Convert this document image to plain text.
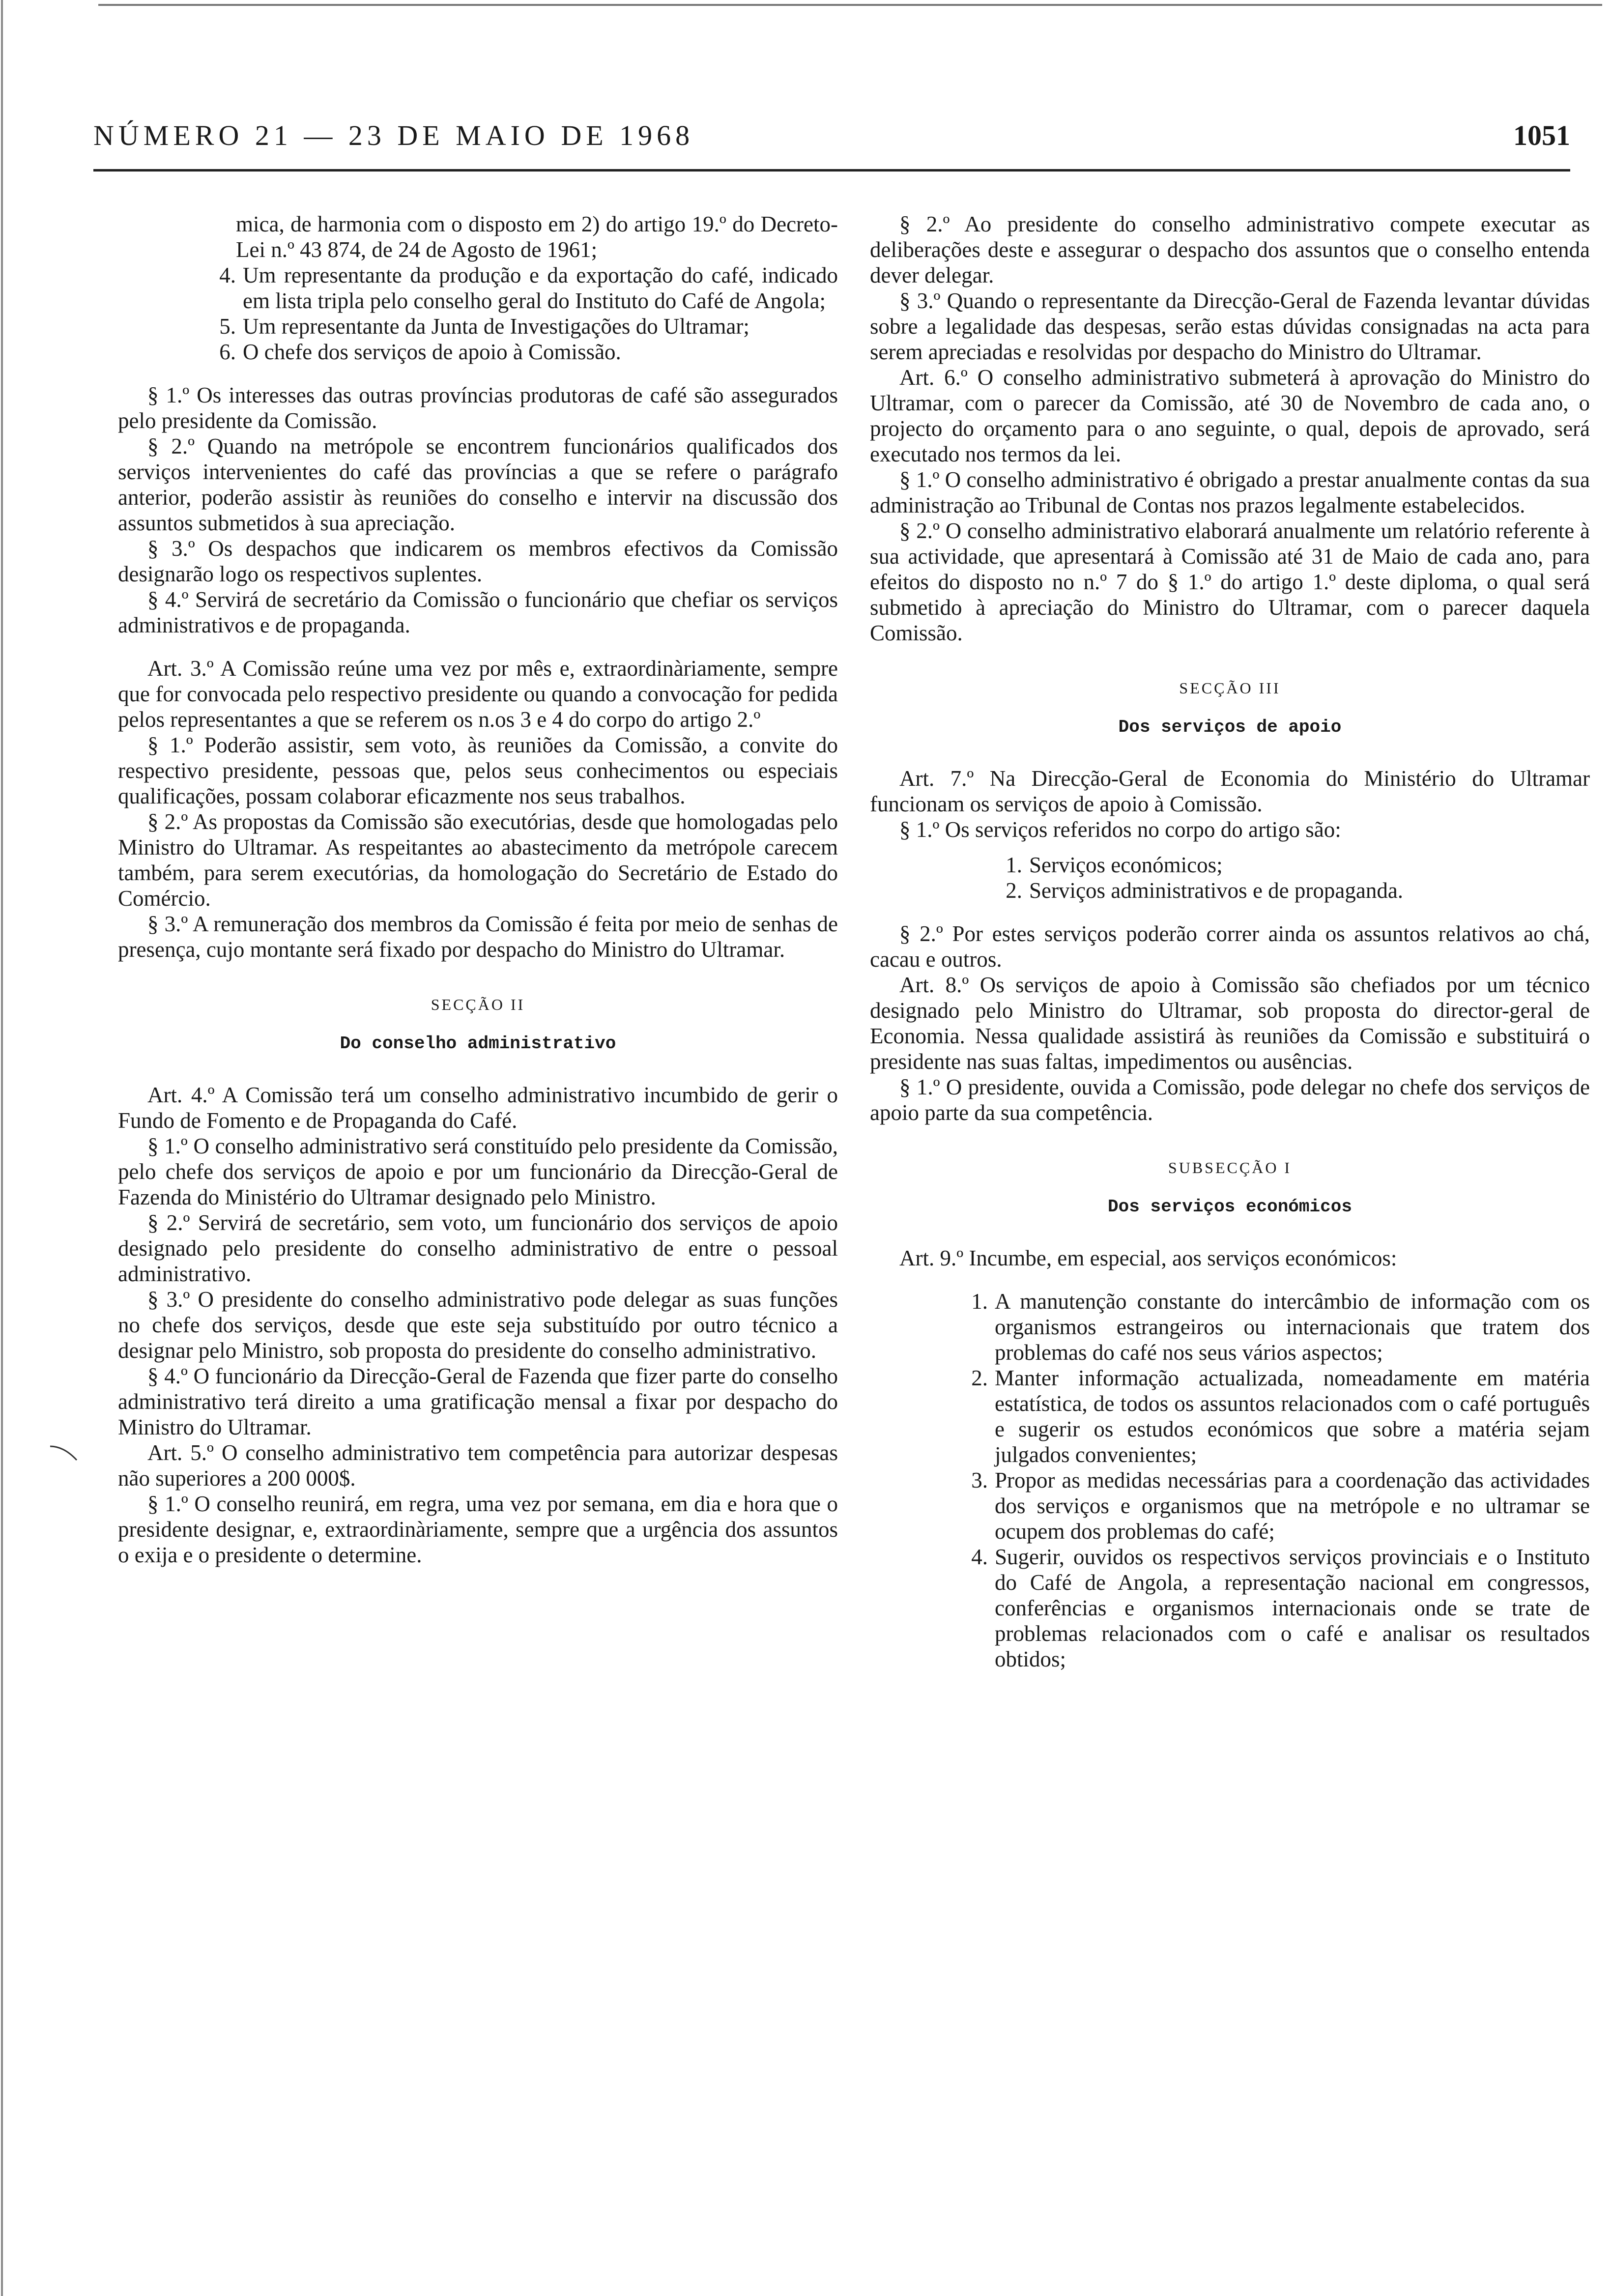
NÚMERO 21 — 23 DE MAIO DE 1968	1051

mica, de harmonia com o disposto em 2) do artigo 19.º do Decreto-Lei n.º 43 874, de 24 de Agosto de 1961;

4. Um representante da produção e da exportação do café, indicado em lista tripla pelo conselho geral do Instituto do Café de Angola;
5. Um representante da Junta de Investigações do Ultramar;
6. O chefe dos serviços de apoio à Comissão.

§ 1.º Os interesses das outras províncias produtoras de café são assegurados pelo presidente da Comissão.

§ 2.º Quando na metrópole se encontrem funcionários qualificados dos serviços intervenientes do café das províncias a que se refere o parágrafo anterior, poderão assistir às reuniões do conselho e intervir na discussão dos assuntos submetidos à sua apreciação.

§ 3.º Os despachos que indicarem os membros efectivos da Comissão designarão logo os respectivos suplentes.

§ 4.º Servirá de secretário da Comissão o funcionário que chefiar os serviços administrativos e de propaganda.

Art. 3.º A Comissão reúne uma vez por mês e, extraordinàriamente, sempre que for convocada pelo respectivo presidente ou quando a convocação for pedida pelos representantes a que se referem os n.os 3 e 4 do corpo do artigo 2.º

§ 1.º Poderão assistir, sem voto, às reuniões da Comissão, a convite do respectivo presidente, pessoas que, pelos seus conhecimentos ou especiais qualificações, possam colaborar eficazmente nos seus trabalhos.

§ 2.º As propostas da Comissão são executórias, desde que homologadas pelo Ministro do Ultramar. As respeitantes ao abastecimento da metrópole carecem também, para serem executórias, da homologação do Secretário de Estado do Comércio.

§ 3.º A remuneração dos membros da Comissão é feita por meio de senhas de presença, cujo montante será fixado por despacho do Ministro do Ultramar.

SECÇÃO II
Do conselho administrativo

Art. 4.º A Comissão terá um conselho administrativo incumbido de gerir o Fundo de Fomento e de Propaganda do Café.

§ 1.º O conselho administrativo será constituído pelo presidente da Comissão, pelo chefe dos serviços de apoio e por um funcionário da Direcção-Geral de Fazenda do Ministério do Ultramar designado pelo Ministro.

§ 2.º Servirá de secretário, sem voto, um funcionário dos serviços de apoio designado pelo presidente do conselho administrativo de entre o pessoal administrativo.

§ 3.º O presidente do conselho administrativo pode delegar as suas funções no chefe dos serviços, desde que este seja substituído por outro técnico a designar pelo Ministro, sob proposta do presidente do conselho administrativo.

§ 4.º O funcionário da Direcção-Geral de Fazenda que fizer parte do conselho administrativo terá direito a uma gratificação mensal a fixar por despacho do Ministro do Ultramar.

Art. 5.º O conselho administrativo tem competência para autorizar despesas não superiores a 200 000$.

§ 1.º O conselho reunirá, em regra, uma vez por semana, em dia e hora que o presidente designar, e, extraordinàriamente, sempre que a urgência dos assuntos o exija e o presidente o determine.

§ 2.º Ao presidente do conselho administrativo compete executar as deliberações deste e assegurar o despacho dos assuntos que o conselho entenda dever delegar.

§ 3.º Quando o representante da Direcção-Geral de Fazenda levantar dúvidas sobre a legalidade das despesas, serão estas dúvidas consignadas na acta para serem apreciadas e resolvidas por despacho do Ministro do Ultramar.

Art. 6.º O conselho administrativo submeterá à aprovação do Ministro do Ultramar, com o parecer da Comissão, até 30 de Novembro de cada ano, o projecto do orçamento para o ano seguinte, o qual, depois de aprovado, será executado nos termos da lei.

§ 1.º O conselho administrativo é obrigado a prestar anualmente contas da sua administração ao Tribunal de Contas nos prazos legalmente estabelecidos.

§ 2.º O conselho administrativo elaborará anualmente um relatório referente à sua actividade, que apresentará à Comissão até 31 de Maio de cada ano, para efeitos do disposto no n.º 7 do § 1.º do artigo 1.º deste diploma, o qual será submetido à apreciação do Ministro do Ultramar, com o parecer daquela Comissão.

SECÇÃO III
Dos serviços de apoio

Art. 7.º Na Direcção-Geral de Economia do Ministério do Ultramar funcionam os serviços de apoio à Comissão.

§ 1.º Os serviços referidos no corpo do artigo são:

1. Serviços económicos;
2. Serviços administrativos e de propaganda.

§ 2.º Por estes serviços poderão correr ainda os assuntos relativos ao chá, cacau e outros.

Art. 8.º Os serviços de apoio à Comissão são chefiados por um técnico designado pelo Ministro do Ultramar, sob proposta do director-geral de Economia. Nessa qualidade assistirá às reuniões da Comissão e substituirá o presidente nas suas faltas, impedimentos ou ausências.

§ 1.º O presidente, ouvida a Comissão, pode delegar no chefe dos serviços de apoio parte da sua competência.

SUBSECÇÃO I
Dos serviços económicos

Art. 9.º Incumbe, em especial, aos serviços económicos:

1. A manutenção constante do intercâmbio de informação com os organismos estrangeiros ou internacionais que tratem dos problemas do café nos seus vários aspectos;
2. Manter informação actualizada, nomeadamente em matéria estatística, de todos os assuntos relacionados com o café português e sugerir os estudos económicos que sobre a matéria sejam julgados convenientes;
3. Propor as medidas necessárias para a coordenação das actividades dos serviços e organismos que na metrópole e no ultramar se ocupem dos problemas do café;
4. Sugerir, ouvidos os respectivos serviços provinciais e o Instituto do Café de Angola, a representação nacional em congressos, conferências e organismos internacionais onde se trate de problemas relacionados com o café e analisar os resultados obtidos;
